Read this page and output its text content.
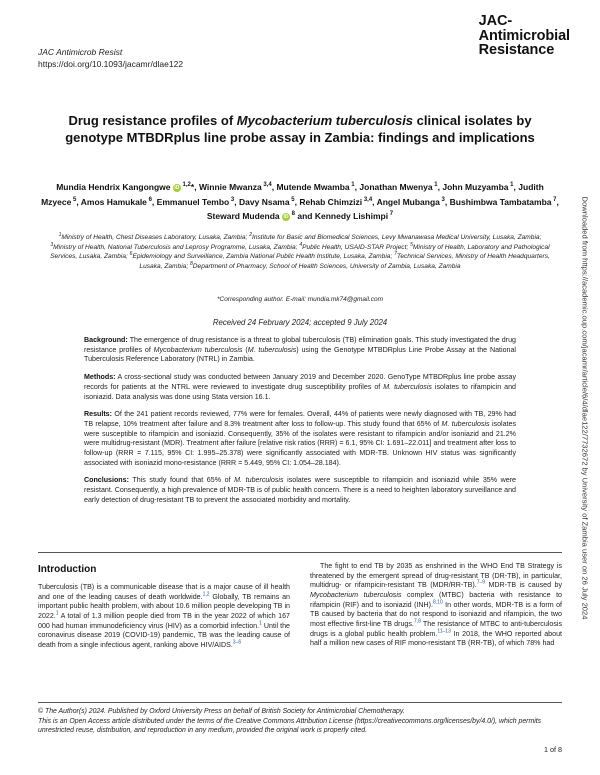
JAC Antimicrob Resist
https://doi.org/10.1093/jacamr/dlae122
JAC-
Antimicrobial
Resistance
Drug resistance profiles of Mycobacterium tuberculosis clinical isolates by genotype MTBDRplus line probe assay in Zambia: findings and implications
Mundia Hendrix Kangongwe iD $^{1,2}$*, Winnie Mwanza $^{3,4}$, Mutende Mwamba $^1$, Jonathan Mwenya $^1$, John Muzyamba $^1$, Judith Mzyece $^5$, Amos Hamukale $^6$, Emmanuel Tembo $^3$, Davy Nsama $^5$, Rehab Chimzizi $^{3,4}$, Angel Mubanga $^3$, Bushimbwa Tambatamba $^7$, Steward Mudenda iD $^8$ and Kennedy Lishimpi $^7$
$^1$Ministry of Health, Chest Diseases Laboratory, Lusaka, Zambia; $^2$Institute for Basic and Biomedical Sciences, Levy Mwanawasa Medical University, Lusaka, Zambia; $^3$Ministry of Health, National Tuberculosis and Leprosy Programme, Lusaka, Zambia; $^4$Public Health, USAID-STAR Project; $^5$Ministry of Health, Laboratory and Pathological Services, Lusaka, Zambia; $^6$Epidemiology and Surveillance, Zambia National Public Health Institute, Lusaka, Zambia; $^7$Technical Services, Ministry of Health Headquarters, Lusaka, Zambia; $^8$Department of Pharmacy, School of Health Sciences, University of Zambia, Lusaka, Zambia
*Corresponding author. E-mail: mundia.mk74@gmail.com
Received 24 February 2024; accepted 9 July 2024

Background: The emergence of drug resistance is a threat to global tuberculosis (TB) elimination goals. This study investigated the drug resistance profiles of Mycobacterium tuberculosis (M. tuberculosis) using the Genotype MTBDRplus Line Probe Assay at the National Tuberculosis Reference Laboratory (NTRL) in Zambia.

Methods: A cross-sectional study was conducted between January 2019 and December 2020. GenoType MTBDRplus line probe assay records for patients at the NTRL were reviewed to investigate drug susceptibility profiles of M. tuberculosis isolates to rifampicin and isoniazid. Data analysis was done using Stata version 16.1.

Results: Of the 241 patient records reviewed, 77% were for females. Overall, 44% of patients were newly diagnosed with TB, 29% had TB relapse, 10% treatment after failure and 8.3% treatment after loss to follow-up. This study found that 65% of M. tuberculosis isolates were susceptible to rifampicin and isoniazid. Consequently, 35% of the isolates were resistant to rifampicin and/or isoniazid and 21.2% were multidrug-resistant (MDR). Treatment after failure [relative risk ratios (RRR) = 6.1, 95% CI: 1.691–22.011] and treatment after loss to follow-up (RRR = 7.115, 95% CI: 1.995–25.378) were significantly associated with MDR-TB. Unknown HIV status was significantly associated with isoniazid mono-resistance (RRR = 5.449, 95% CI: 1.054–28.184).

Conclusions: This study found that 65% of M. tuberculosis isolates were susceptible to rifampicin and isoniazid while 35% were resistant. Consequently, a high prevalence of MDR-TB is of public health concern. There is a need to heighten laboratory surveillance and early detection of drug-resistant TB to prevent the associated morbidity and mortality.

Introduction
Tuberculosis (TB) is a communicable disease that is a major cause of ill health and one of the leading causes of death worldwide.$^{1,2}$ Globally, TB remains an important public health problem, with about 10.6 million people developing TB in 2022.$^1$ A total of 1.3 million people died from TB in the year 2022 of which 167 000 had human immunodeficiency virus (HIV) as a comorbid infection.$^1$ Until the coronavirus disease 2019 (COVID-19) pandemic, TB was the leading cause of death from a single infectious agent, ranking above HIV/AIDS.$^{3-6}$
The fight to end TB by 2035 as enshrined in the WHO End TB Strategy is threatened by the emergent spread of drug-resistant TB (DR-TB), in particular, multidrug- or rifampicin-resistant TB (MDR/RR-TB).$^{7-9}$ MDR-TB is caused by Mycobacterium tuberculosis complex (MTBC) bacteria with resistance to rifampicin (RIF) and to isoniazid (INH).$^{8,10}$ In other words, MDR-TB is a form of TB caused by bacteria that do not respond to isoniazid and rifampicin, the two most effective first-line TB drugs.$^{7,8}$ The resistance of MTBC to anti-tuberculosis drugs is a global public health problem.$^{11-13}$ In 2018, the WHO reported about half a million new cases of RIF mono-resistant TB (RR-TB), of which 78% had
© The Author(s) 2024. Published by Oxford University Press on behalf of British Society for Antimicrobial Chemotherapy.
This is an Open Access article distributed under the terms of the Creative Commons Attribution License (https://creativecommons.org/licenses/by/4.0/), which permits unrestricted reuse, distribution, and reproduction in any medium, provided the original work is properly cited.
1 of 8
Downloaded from https://academic.oup.com/jacamr/article/6/4/dlae122/7732672 by University of Zambia user on 26 July 2024
